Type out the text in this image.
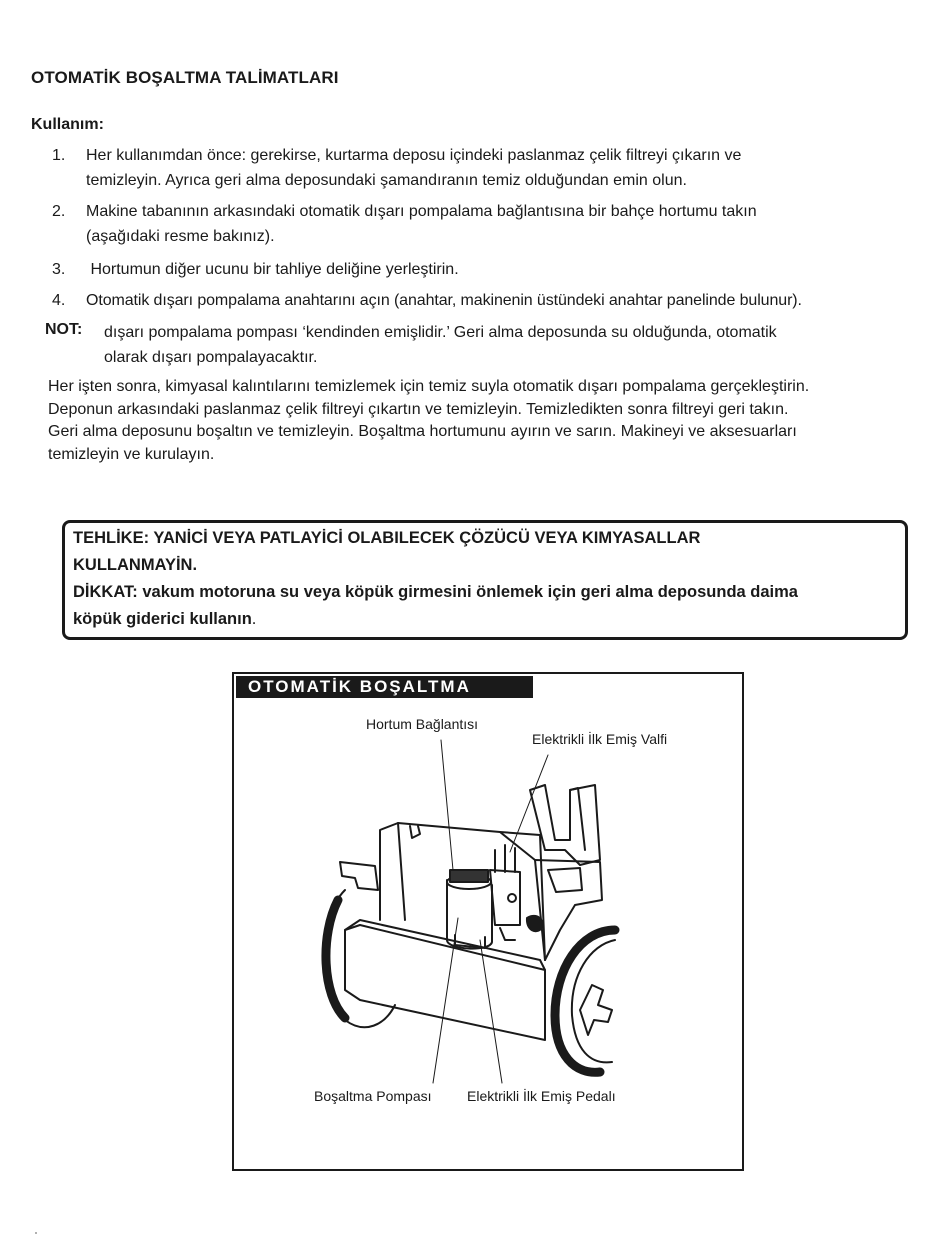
OTOMATİK BOŞALTMA TALİMATLARI
Kullanım:
1. Her kullanımdan önce: gerekirse, kurtarma deposu içindeki paslanmaz çelik filtreyi çıkarın ve
temizleyin. Ayrıca geri alma deposundaki şamandıranın temiz olduğundan emin olun.
2. Makine tabanının arkasındaki otomatik dışarı pompalama bağlantısına bir bahçe hortumu takın
(aşağıdaki resme bakınız).
3. Hortumun diğer ucunu bir tahliye deliğine yerleştirin.
4. Otomatik dışarı pompalama anahtarını açın (anahtar, makinenin üstündeki anahtar panelinde bulunur).
NOT: dışarı pompalama pompası ‘kendinden emişlidir.’ Geri alma deposunda su olduğunda, otomatik
olarak dışarı pompalayacaktır.
Her işten sonra, kimyasal kalıntılarını temizlemek için temiz suyla otomatik dışarı pompalama gerçekleştirin.
Deponun arkasındaki paslanmaz çelik filtreyi çıkartın ve temizleyin. Temizledikten sonra filtreyi geri takın.
Geri alma deposunu boşaltın ve temizleyin. Boşaltma hortumunu ayırın ve sarın. Makineyi ve aksesuarları
temizleyin ve kurulayın.
TEHLİKE: YANİCİ VEYA PATLAYİCİ OLABILECEK ÇÖZÜCÜ VEYA KIMYASALLAR
KULLANMAYİN.
DİKKAT: vakum motoruna su veya köpük girmesini önlemek için geri alma deposunda daima
köpük giderici kullanın.
OTOMATİK BOŞALTMA
Hortum Bağlantısı
Elektrikli İlk Emiş Valfi
Boşaltma Pompası	Elektrikli İlk Emiş Pedalı
